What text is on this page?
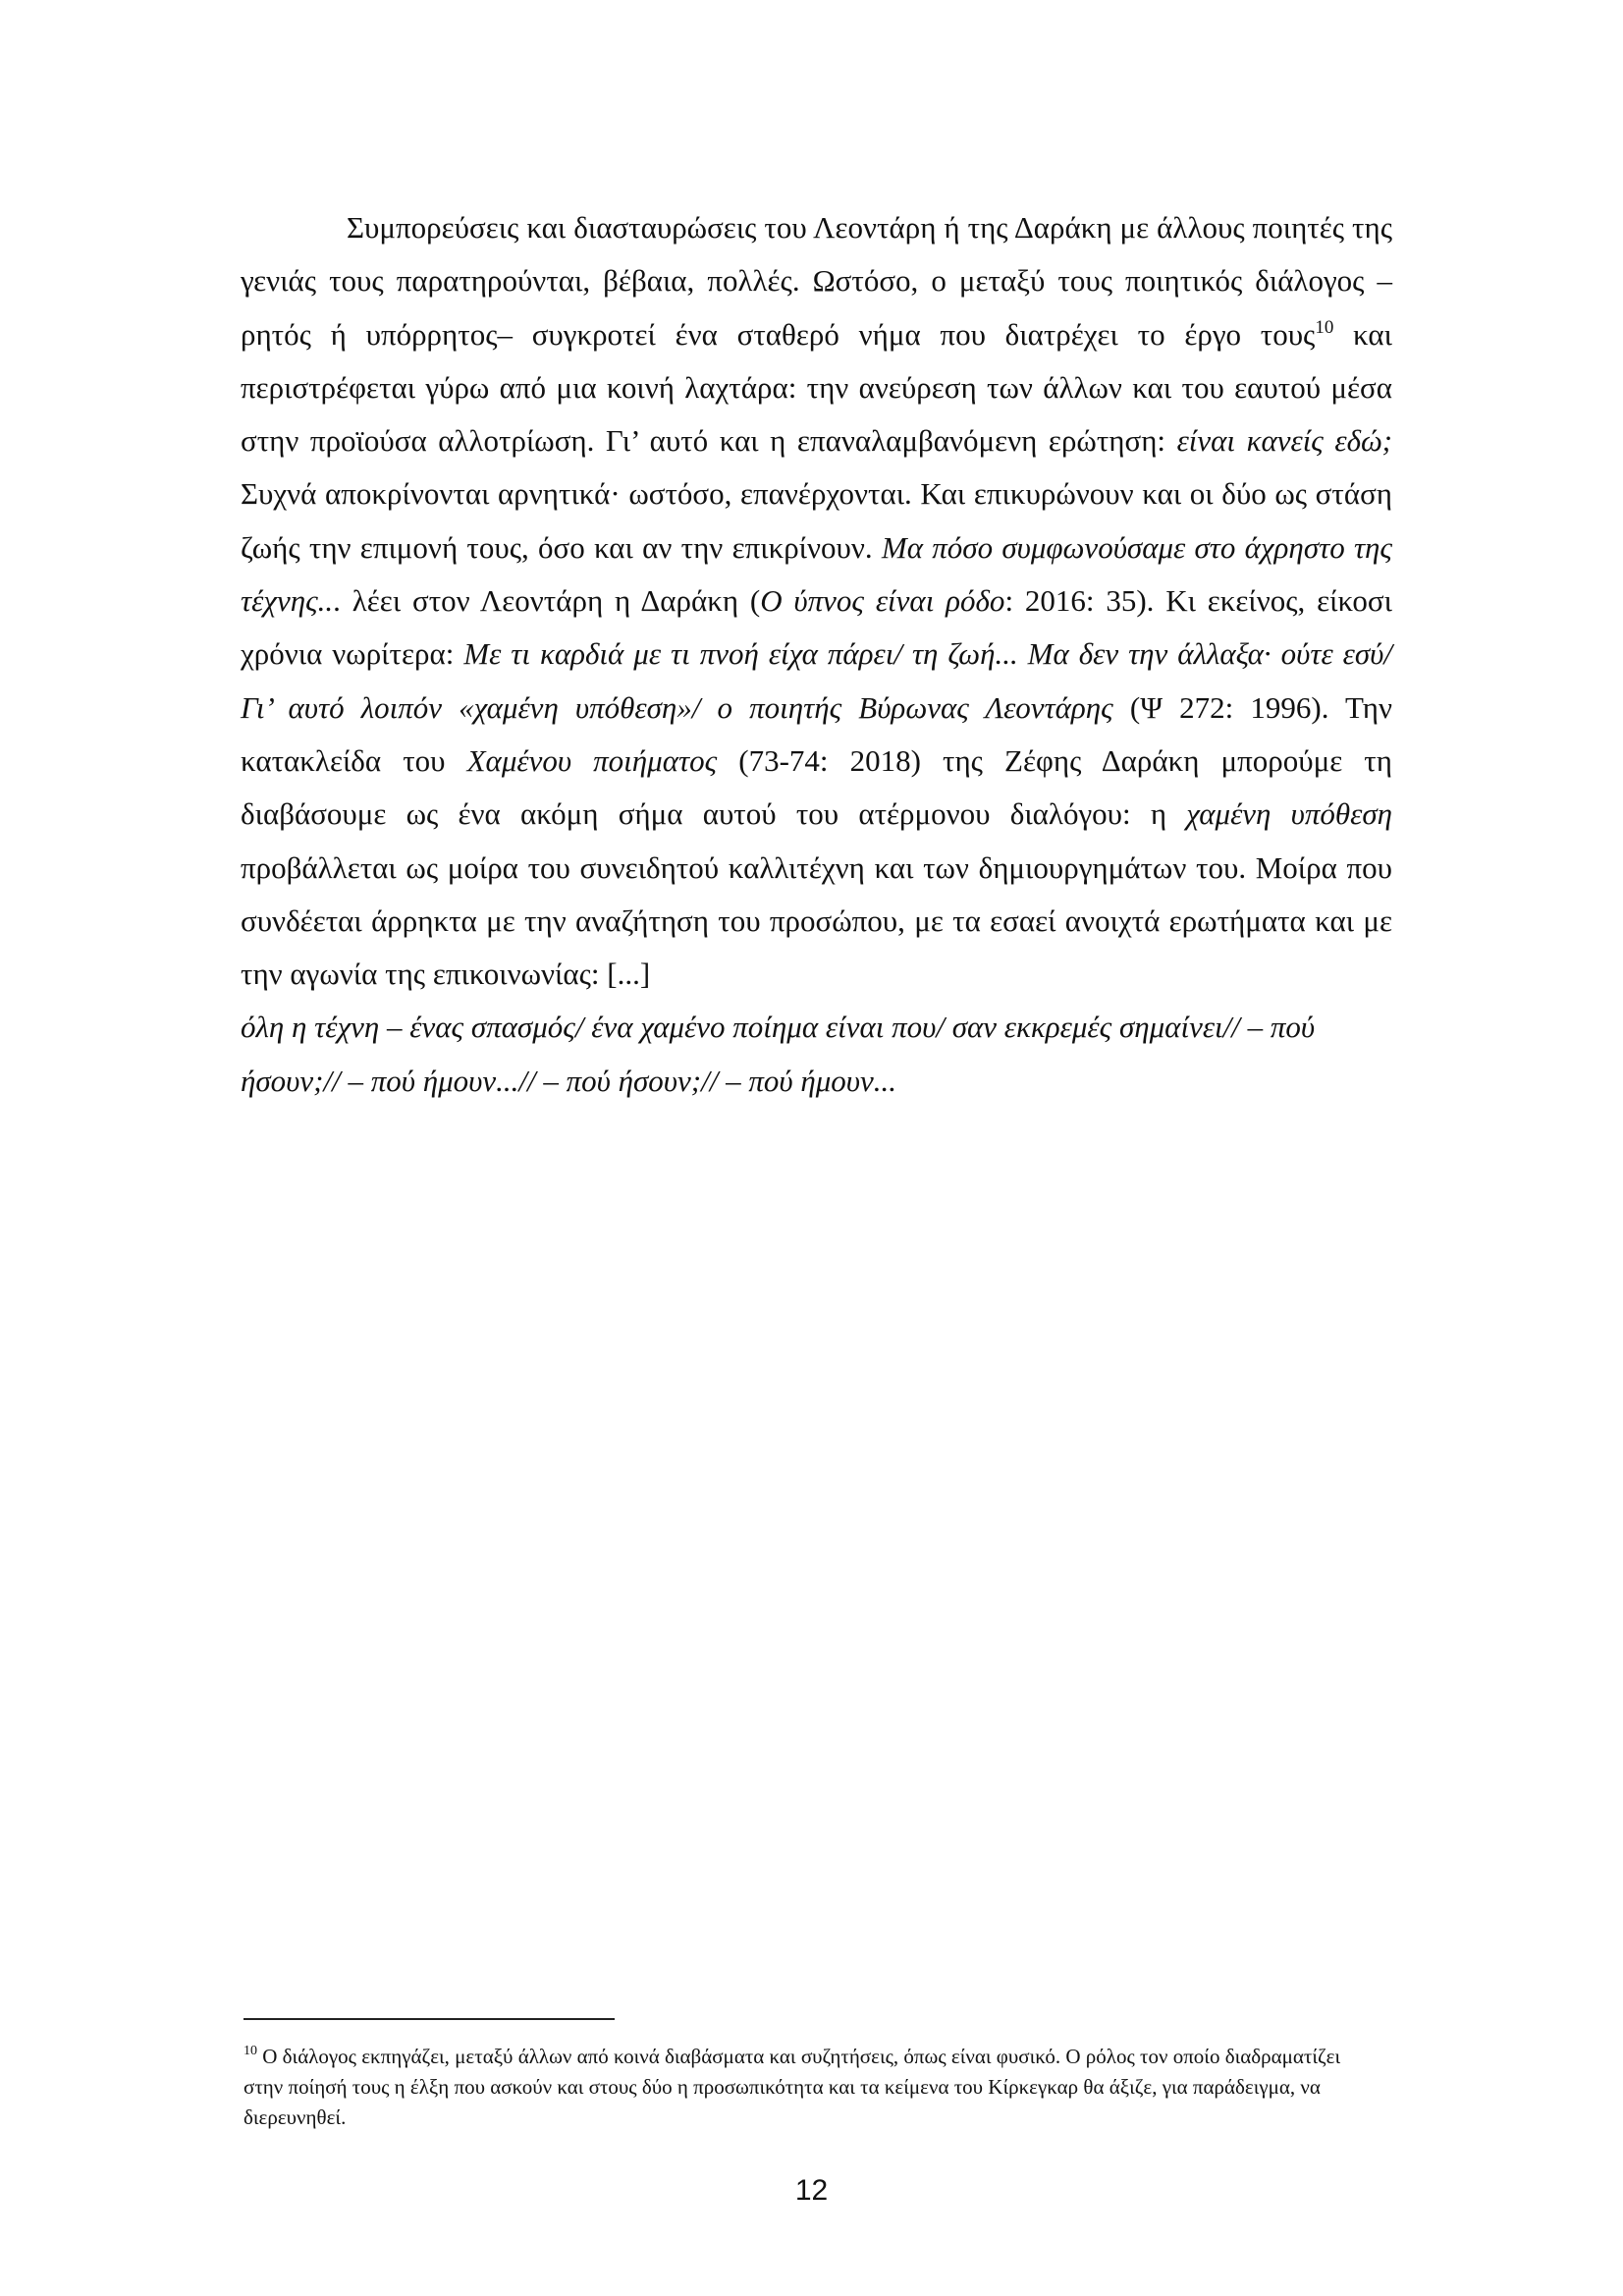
Συμπορεύσεις και διασταυρώσεις του Λεοντάρη ή της Δαράκη με άλλους ποιητές της γενιάς τους παρατηρούνται, βέβαια, πολλές. Ωστόσο, ο μεταξύ τους ποιητικός διάλογος –ρητός ή υπόρρητος– συγκροτεί ένα σταθερό νήμα που διατρέχει το έργο τους$^{10}$ και περιστρέφεται γύρω από μια κοινή λαχτάρα: την ανεύρεση των άλλων και του εαυτού μέσα στην προϊούσα αλλοτρίωση. Γι’ αυτό και η επαναλαμβανόμενη ερώτηση: είναι κανείς εδώ; Συχνά αποκρίνονται αρνητικά· ωστόσο, επανέρχονται. Και επικυρώνουν και οι δύο ως στάση ζωής την επιμονή τους, όσο και αν την επικρίνουν. Μα πόσο συμφωνούσαμε στο άχρηστο της τέχνης... λέει στον Λεοντάρη η Δαράκη (Ο ύπνος είναι ρόδο: 2016: 35). Κι εκείνος, είκοσι χρόνια νωρίτερα: Με τι καρδιά με τι πνοή είχα πάρει/ τη ζωή... Μα δεν την άλλαξα· ούτε εσύ/ Γι’ αυτό λοιπόν «χαμένη υπόθεση»/ ο ποιητής Βύρωνας Λεοντάρης (Ψ 272: 1996). Την κατακλείδα του Χαμένου ποιήματος (73-74: 2018) της Ζέφης Δαράκη μπορούμε τη διαβάσουμε ως ένα ακόμη σήμα αυτού του ατέρμονου διαλόγου: η χαμένη υπόθεση προβάλλεται ως μοίρα του συνειδητού καλλιτέχνη και των δημιουργημάτων του. Μοίρα που συνδέεται άρρηκτα με την αναζήτηση του προσώπου, με τα εσαεί ανοιχτά ερωτήματα και με την αγωνία της επικοινωνίας: [...]

όλη η τέχνη – ένας σπασμός/ ένα χαμένο ποίημα είναι που/ σαν εκκρεμές σημαίνει// – πού ήσουν;// – πού ήμουν...// – πού ήσουν;// – πού ήμουν...

$^{10}$ Ο διάλογος εκπηγάζει, μεταξύ άλλων από κοινά διαβάσματα και συζητήσεις, όπως είναι φυσικό. Ο ρόλος τον οποίο διαδραματίζει στην ποίησή τους η έλξη που ασκούν και στους δύο η προσωπικότητα και τα κείμενα του Κίρκεγκαρ θα άξιζε, για παράδειγμα, να διερευνηθεί.
12
